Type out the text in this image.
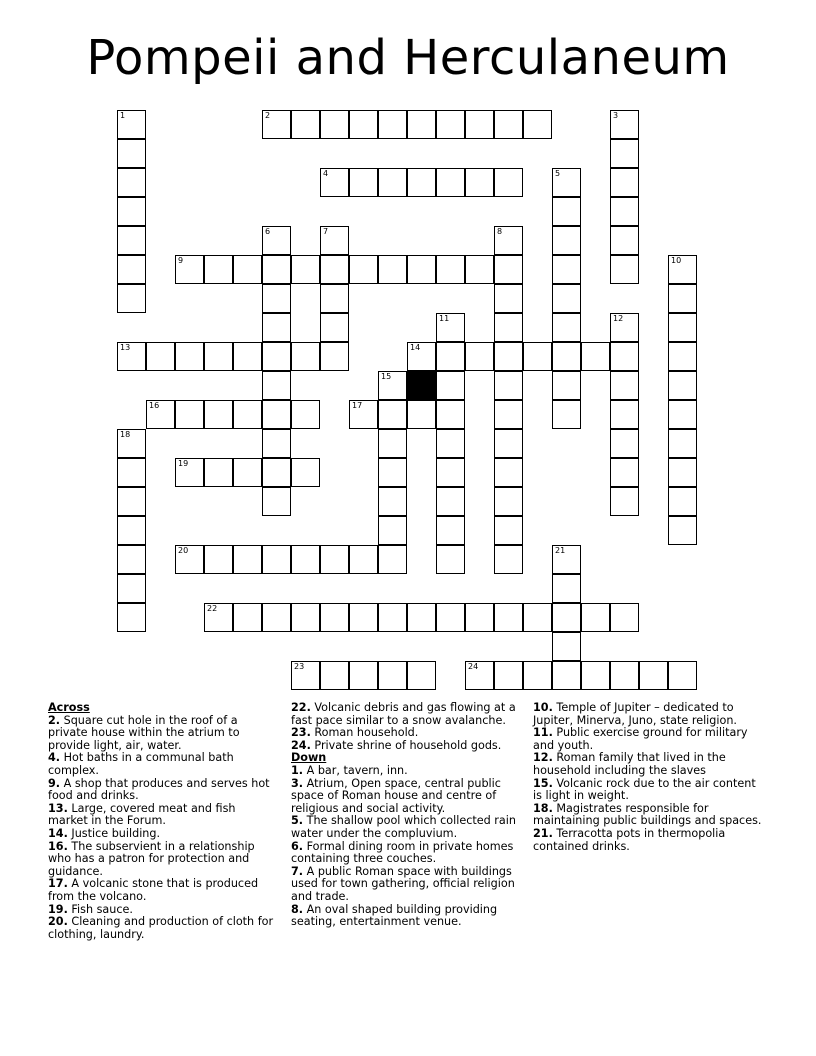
Pompeii and Herculaneum
1	2	3
4	5
6	7	8
9	10
11	12
13	14
15
16	17
18
19
20	21
22
23	24
Across
2. Square cut hole in the roof of a private house within the atrium to provide light, air, water.
4. Hot baths in a communal bath complex.
9. A shop that produces and serves hot food and drinks.
13. Large, covered meat and fish market in the Forum.
14. Justice building.
16. The subservient in a relationship who has a patron for protection and guidance.
17. A volcanic stone that is produced from the volcano.
19. Fish sauce.
20. Cleaning and production of cloth for clothing, laundry.
22. Volcanic debris and gas flowing at a fast pace similar to a snow avalanche.
23. Roman household.
24. Private shrine of household gods.
Down
1. A bar, tavern, inn.
3. Atrium, Open space, central public space of Roman house and centre of religious and social activity.
5. The shallow pool which collected rain water under the compluvium.
6. Formal dining room in private homes containing three couches.
7. A public Roman space with buildings used for town gathering, official religion and trade.
8. An oval shaped building providing seating, entertainment venue.
10. Temple of Jupiter – dedicated to Jupiter, Minerva, Juno, state religion.
11. Public exercise ground for military and youth.
12. Roman family that lived in the household including the slaves
15. Volcanic rock due to the air content is light in weight.
18. Magistrates responsible for maintaining public buildings and spaces.
21. Terracotta pots in thermopolia contained drinks.
